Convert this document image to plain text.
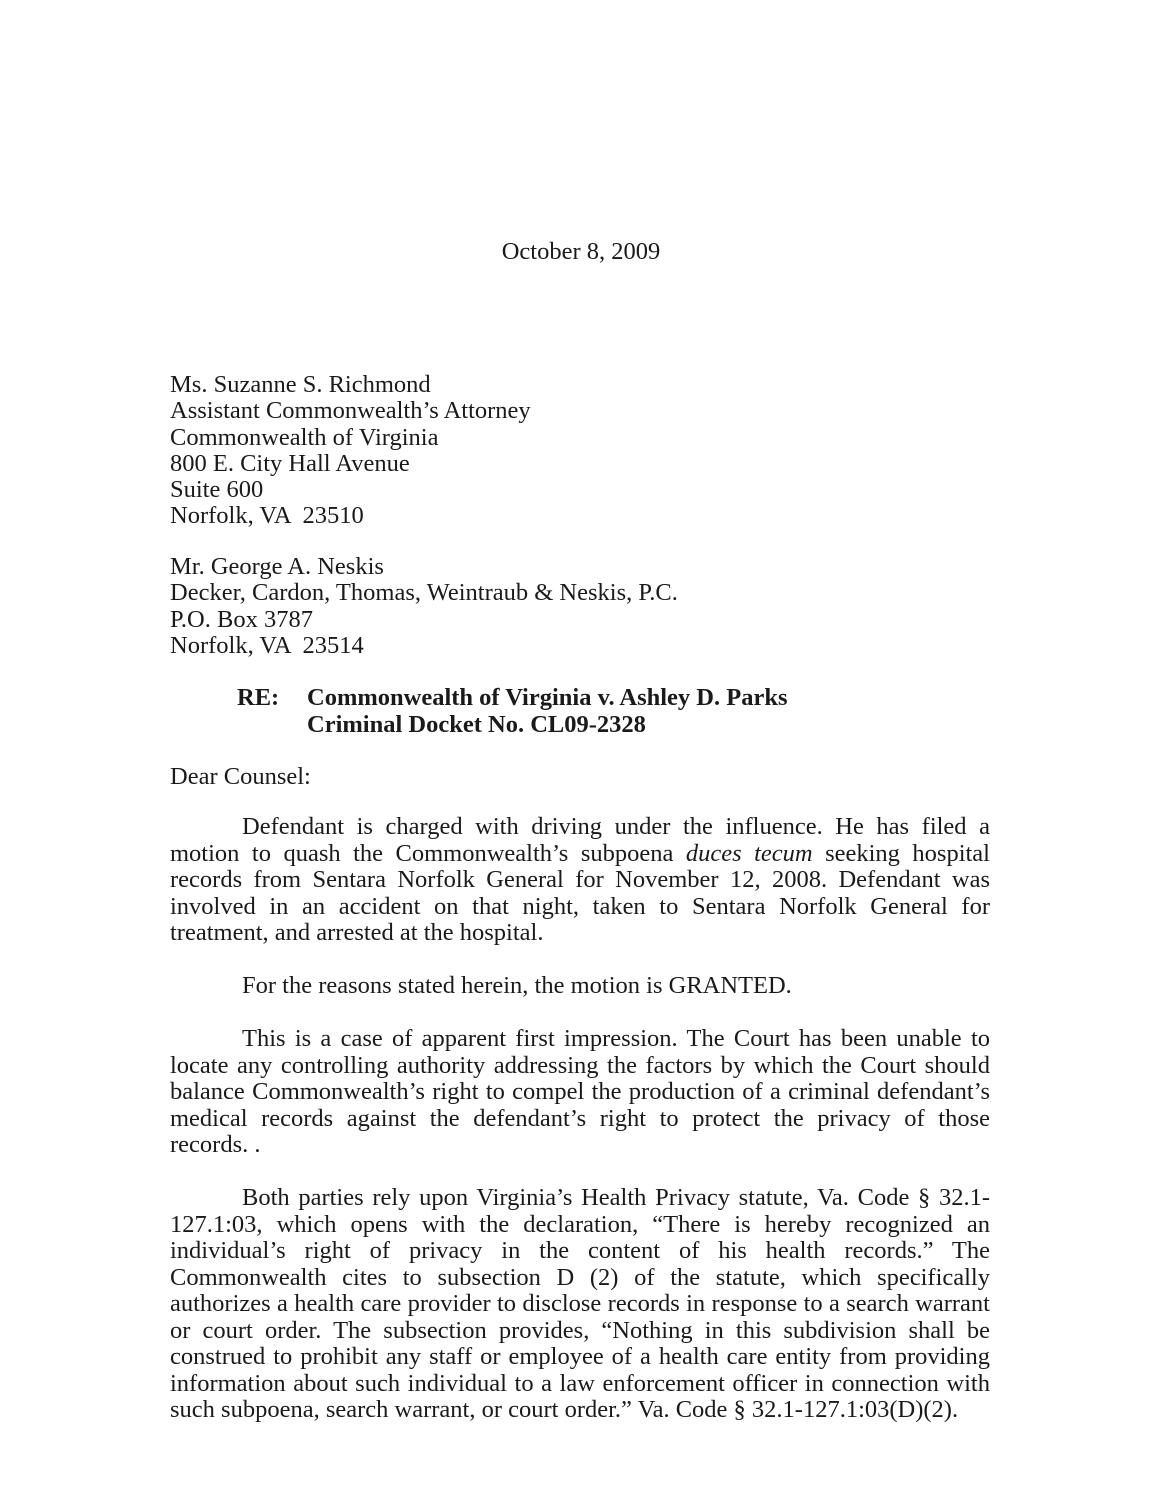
October 8, 2009
Ms. Suzanne S. Richmond
Assistant Commonwealth’s Attorney
Commonwealth of Virginia
800 E. City Hall Avenue
Suite 600
Norfolk, VA  23510
Mr. George A. Neskis
Decker, Cardon, Thomas, Weintraub & Neskis, P.C.
P.O. Box 3787
Norfolk, VA  23514
RE: Commonwealth of Virginia v. Ashley D. Parks
Criminal Docket No. CL09-2328
Dear Counsel:

Defendant is charged with driving under the influence. He has filed a motion to quash the Commonwealth’s subpoena duces tecum seeking hospital records from Sentara Norfolk General for November 12, 2008. Defendant was involved in an accident on that night, taken to Sentara Norfolk General for treatment, and arrested at the hospital.

For the reasons stated herein, the motion is GRANTED.

This is a case of apparent first impression. The Court has been unable to locate any controlling authority addressing the factors by which the Court should balance Commonwealth’s right to compel the production of a criminal defendant’s medical records against the defendant’s right to protect the privacy of those records. .

Both parties rely upon Virginia’s Health Privacy statute, Va. Code § 32.1-127.1:03, which opens with the declaration, “There is hereby recognized an individual’s right of privacy in the content of his health records.” The Commonwealth cites to subsection D (2) of the statute, which specifically authorizes a health care provider to disclose records in response to a search warrant or court order. The subsection provides, “Nothing in this subdivision shall be construed to prohibit any staff or employee of a health care entity from providing information about such individual to a law enforcement officer in connection with such subpoena, search warrant, or court order.” Va. Code § 32.1-127.1:03(D)(2).
